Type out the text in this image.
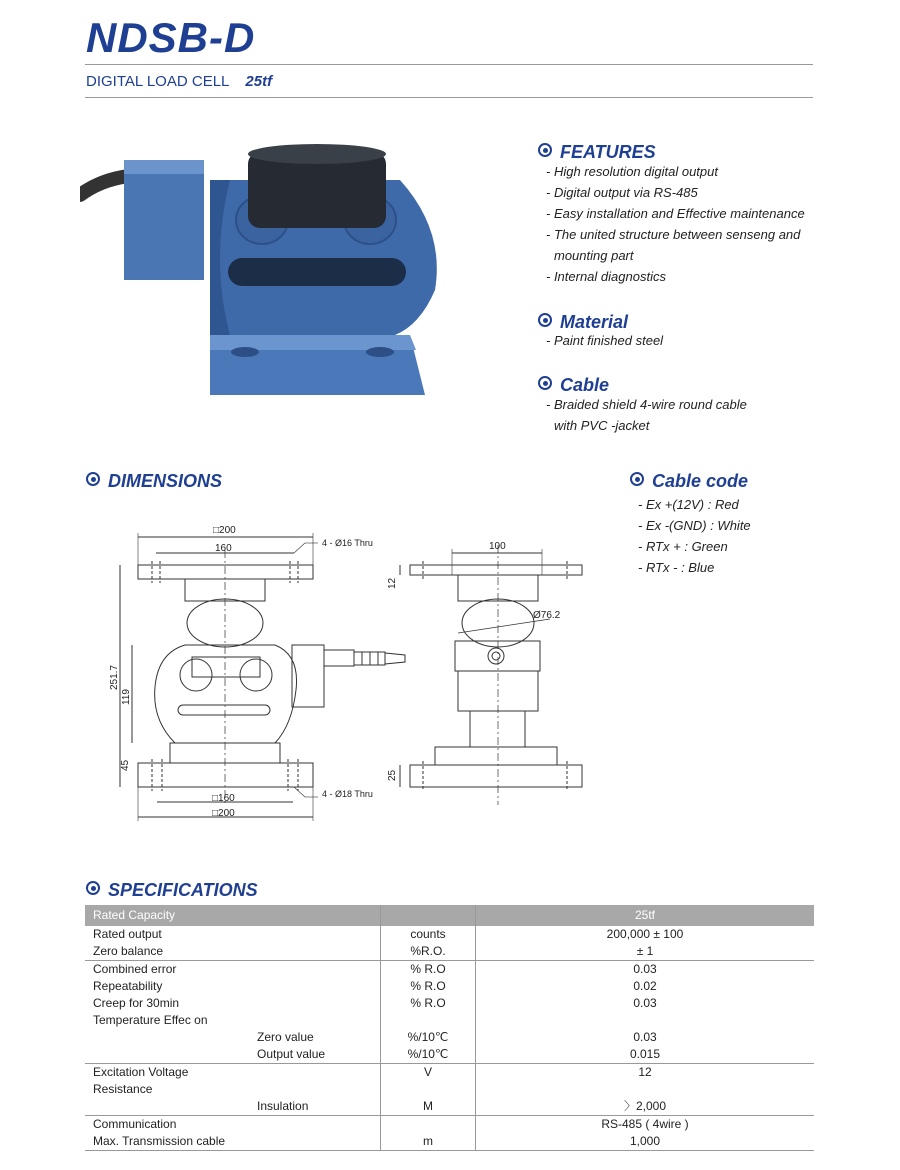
NDSB-D
DIGITAL LOAD CELL 25tf
FEATURES
- High resolution digital output
- Digital output via RS-485
- Easy installation and Effective maintenance
- The united structure between senseng and
mounting part
- Internal diagnostics
Material
- Paint finished steel
Cable
- Braided shield 4-wire round cable
with PVC -jacket
DIMENSIONS	Cable code
- Ex +(12V) : Red
- Ex -(GND) : White
- RTx + : Green
- RTx - : Blue
□200
160	4 - Ø16 Thru
251.7
119
45
□160
□200
4 - Ø18 Thru
100
12
Ø76.2
25
SPECIFICATIONS
Rated Capacity		25tf
Rated output	counts	200,000 ± 100
Zero balance	%R.O.	± 1
Combined error	% R.O	0.03
Repeatability	% R.O	0.02
Creep for 30min	% R.O	0.03
Temperature Effec on		
Zero value	%/10℃	0.03
Output value	%/10℃	0.015
Excitation Voltage	V	12
Resistance		
Insulation	M	〉2,000
Communication		RS-485 ( 4wire )
Max. Transmission cable	m	1,000
